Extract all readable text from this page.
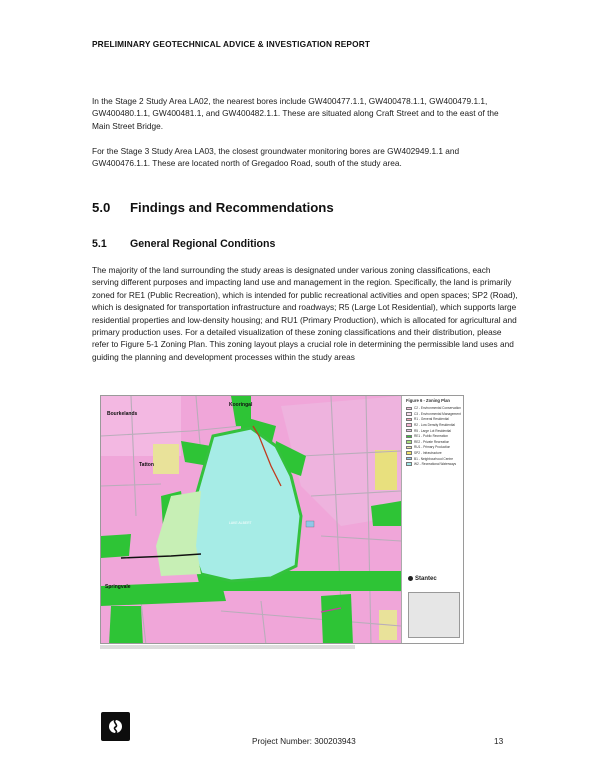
PRELIMINARY GEOTECHNICAL ADVICE & INVESTIGATION REPORT

In the Stage 2 Study Area LA02, the nearest bores include GW400477.1.1, GW400478.1.1, GW400479.1.1, GW400480.1.1, GW400481.1, and GW400482.1.1. These are situated along Craft Street and to the east of the Main Street Bridge.

For the Stage 3 Study Area LA03, the closest groundwater monitoring bores are GW402949.1.1 and GW400476.1.1. These are located north of Gregadoo Road, south of the study area.

5.0 Findings and Recommendations
5.1 General Regional Conditions

The majority of the land surrounding the study areas is designated under various zoning classifications, each serving different purposes and impacting land use and management in the region. Specifically, the land is primarily zoned for RE1 (Public Recreation), which is intended for public recreational activities and open spaces; SP2 (Road), which is designated for transportation infrastructure and roadways; R5 (Large Lot Residential), which supports large residential properties and low-density housing; and RU1 (Primary Production), which is allocated for agricultural and primary production uses. For a detailed visualization of these zoning classifications and their distribution, please refer to Figure 5-1 Zoning Plan. This zoning layout plays a crucial role in determining the permissible land uses and guiding the planning and development processes within the study areas

Bourkelands
Kooringal
Tatton
Springvale
LAKE ALBERT
Figure 6 - Zoning Plan
C2 - Environmental Conservation
C3 - Environmental Management
R1 - General Residential
R2 - Low Density Residential
R5 - Large Lot Residential
RE1 - Public Recreation
RE2 - Private Recreation
RU1 - Primary Production
SP2 - Infrastructure
B1 - Neighbourhood Centre
W2 - Recreational Waterways
Stantec
Project Number: 300203943	13
